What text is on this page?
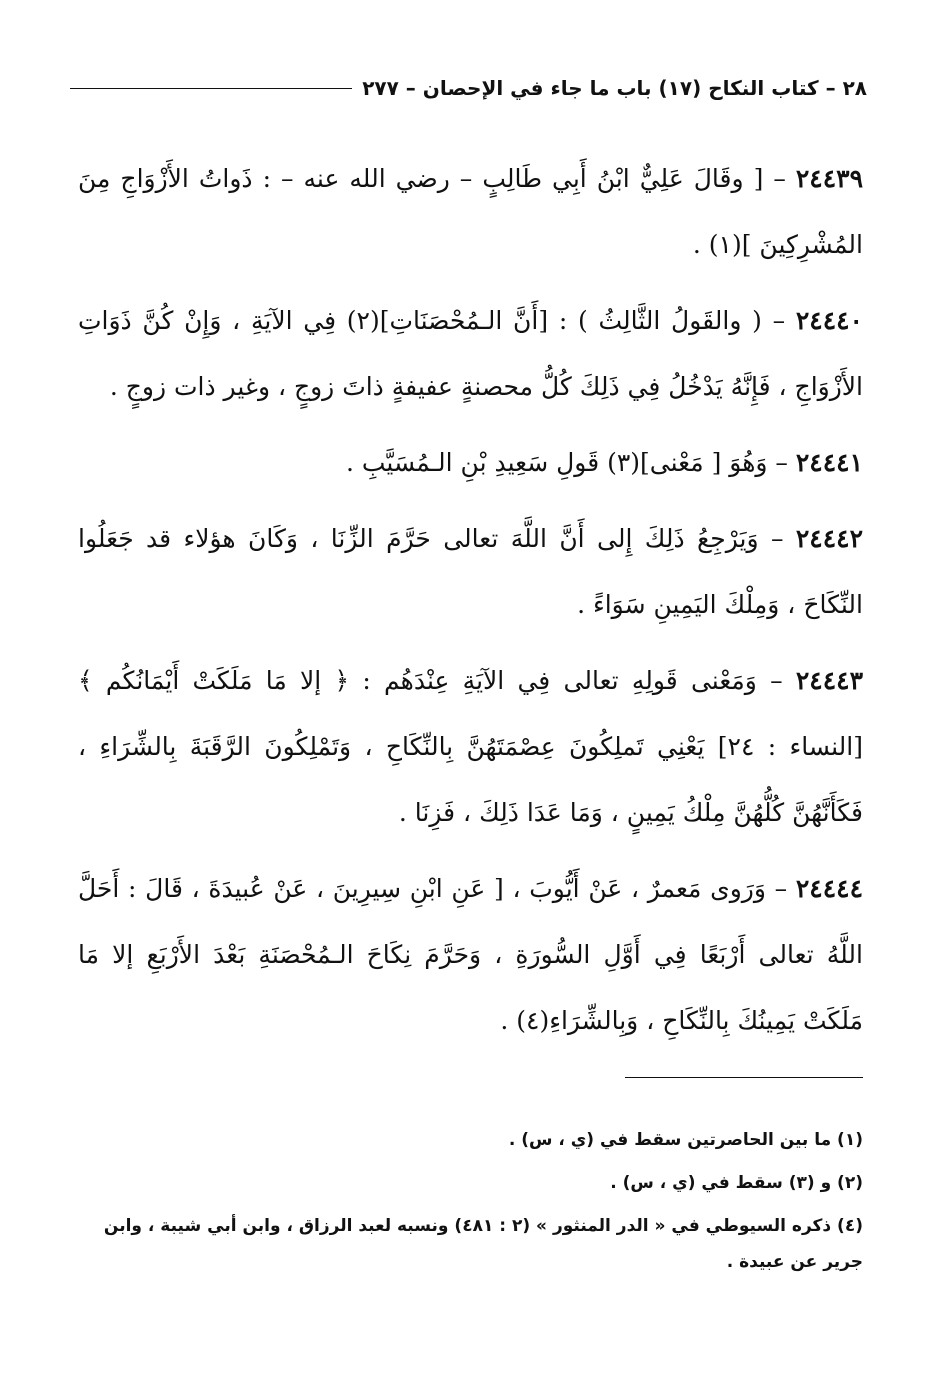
٢٨ – كتاب النكاح (١٧) باب ما جاء في الإحصان – ٢٧٧

٢٤٤٣٩ – [ وقَالَ عَلِيٌّ ابْنُ أَبِي طَالِبٍ – رضي الله عنه – : ذَواتُ الأَزْوَاجِ مِنَ المُشْرِكِينَ ](١) .

٢٤٤٤٠ – ( والقَولُ الثَّالِثُ ) : [أَنَّ الـمُحْصَنَاتِ](٢) فِي الآيَةِ ، وَإِنْ كُنَّ ذَوَاتِ الأَزْوَاجِ ، فَإِنَّهُ يَدْخُلُ فِي ذَلِكَ كُلُّ محصنةٍ عفيفةٍ ذاتَ زوجٍ ، وغير ذات زوجٍ .

٢٤٤٤١ – وَهُوَ [ مَعْنى](٣) قَولِ سَعِيدِ بْنِ الـمُسَيَّبِ .

٢٤٤٤٢ – وَيَرْجِعُ ذَلِكَ إِلى أَنَّ اللَّهَ تعالى حَرَّمَ الزِّنَا ، وَكَانَ هؤلاء قد جَعَلُوا النِّكَاحَ ، وَمِلْكَ اليَمِينِ سَوَاءً .

٢٤٤٤٣ – وَمَعْنى قَولِهِ تعالى فِي الآيَةِ عِنْدَهُم : ﴿ إلا مَا مَلَكَتْ أَيْمَانُكُم ﴾ [النساء : ٢٤] يَعْنِي تَملِكُونَ عِصْمَتَهُنَّ بِالنِّكَاحِ ، وَتَمْلِكُونَ الرَّقَبَةَ بِالشِّرَاءِ ، فَكَأَنَّهُنَّ كُلُّهُنَّ مِلْكُ يَمِينٍ ، وَمَا عَدَا ذَلِكَ ، فَزِنَا .

٢٤٤٤٤ – وَرَوى مَعمرٌ ، عَنْ أَيُّوبَ ، [ عَنِ ابْنِ سِيرِينَ ، عَنْ عُبيدَةَ ، قَالَ : أَحَلَّ اللَّهُ تعالى أَرْبَعًا فِي أَوَّلِ السُّورَةِ ، وَحَرَّمَ نِكَاحَ الـمُحْصَنَةِ بَعْدَ الأَرْبَعِ إلا مَا مَلَكَتْ يَمِينُكَ بِالنِّكَاحِ ، وَبِالشِّرَاءِ(٤) .

(١) ما بين الحاصرتين سقط في (ي ، س) .

(٢) و (٣) سقط في (ي ، س) .

(٤) ذكره السيوطي في « الدر المنثور » (٢ : ٤٨١) ونسبه لعبد الرزاق ، وابن أبي شيبة ، وابن جرير عن عبيدة .
